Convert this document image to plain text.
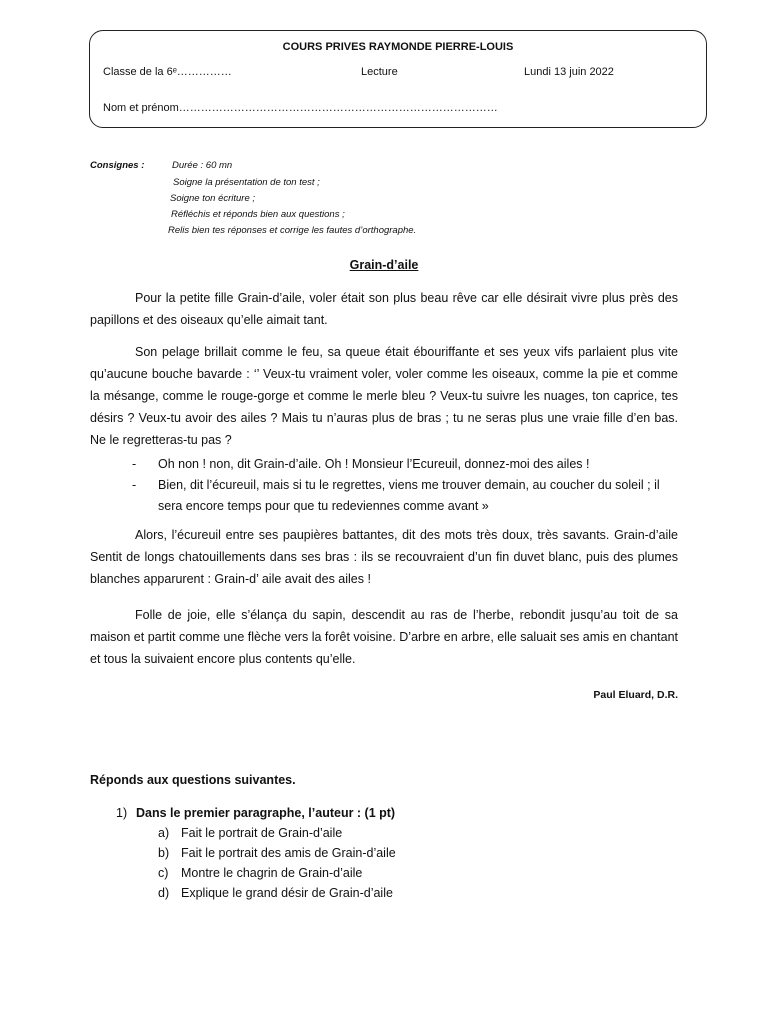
COURS PRIVES RAYMONDE PIERRE-LOUIS
Classe de la 6ᵉ……………	Lecture	Lundi 13 juin 2022
Nom et prénom……………………………………………………………………………
Consignes :	Durée : 60 mn
Soigne la présentation de ton test ;
Soigne ton écriture ;
Réfléchis et réponds bien aux questions ;
Relis bien tes réponses et corrige les fautes d’orthographe.
Grain-d’aile

Pour la petite fille Grain-d’aile, voler était son plus beau rêve car elle désirait vivre plus près des papillons et des oiseaux qu’elle aimait tant.

Son pelage brillait comme le feu, sa queue était ébouriffante et ses yeux vifs parlaient plus vite qu’aucune bouche bavarde : ‘’ Veux-tu vraiment voler, voler comme les oiseaux, comme la pie et comme la mésange, comme le rouge-gorge et comme le merle bleu ? Veux-tu suivre les nuages, ton caprice, tes désirs ? Veux-tu avoir des ailes ? Mais tu n’auras plus de bras ; tu ne seras plus une vraie fille d’en bas. Ne le regretteras-tu pas ?

- Oh non ! non, dit Grain-d’aile. Oh ! Monsieur l’Ecureuil, donnez-moi des ailes !
- Bien, dit l’écureuil, mais si tu le regrettes, viens me trouver demain, au coucher du soleil ; il sera encore temps pour que tu redeviennes comme avant »

Alors, l’écureuil entre ses paupières battantes, dit des mots très doux, très savants. Grain-d’aile Sentit de longs chatouillements dans ses bras : ils se recouvraient d’un fin duvet blanc, puis des plumes blanches apparurent : Grain-d’ aile avait des ailes !

Folle de joie, elle s’élança du sapin, descendit au ras de l’herbe, rebondit jusqu’au toit de sa maison et partit comme une flèche vers la forêt voisine. D’arbre en arbre, elle saluait ses amis en chantant et tous la suivaient encore plus contents qu’elle.

Paul Eluard, D.R.
Réponds aux questions suivantes.
1) Dans le premier paragraphe, l’auteur : (1 pt)
a) Fait le portrait de Grain-d’aile
b) Fait le portrait des amis de Grain-d’aile
c) Montre le chagrin de Grain-d’aile
d) Explique le grand désir de Grain-d’aile
